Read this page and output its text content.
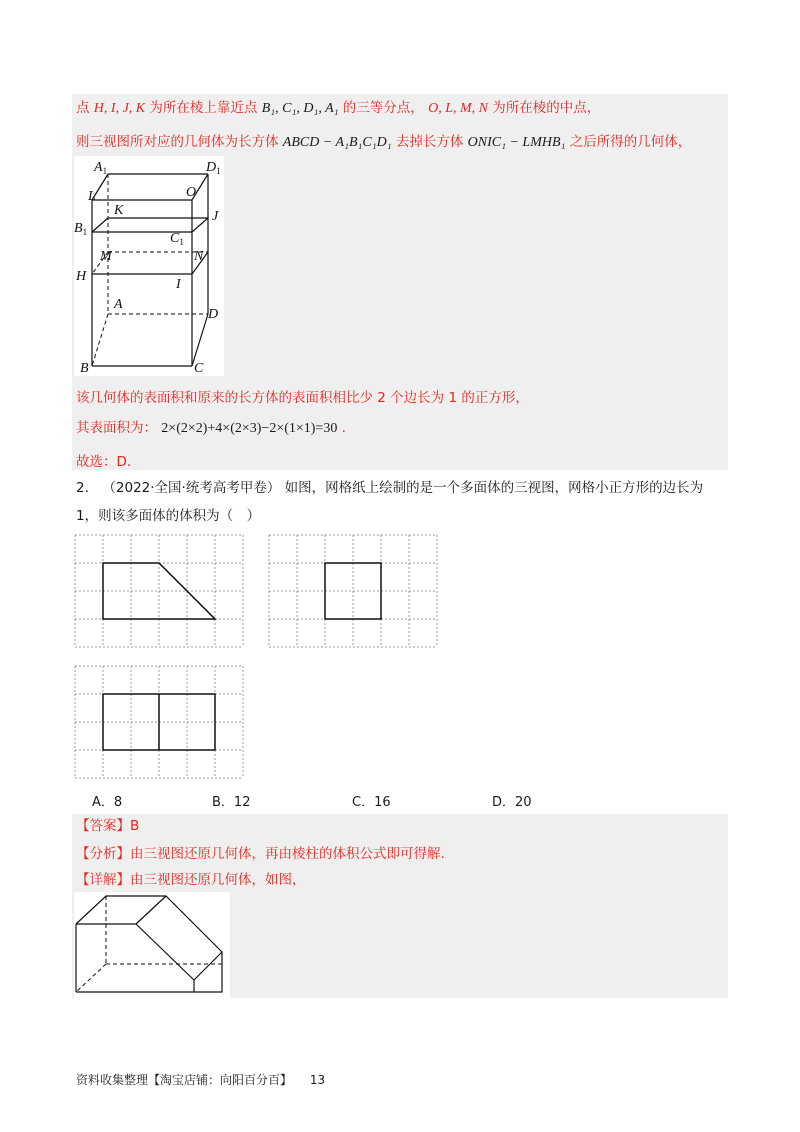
点 H, I, J, K 为所在棱上靠近点 B₁, C₁, D₁, A₁ 的三等分点， O, L, M, N 为所在棱的中点，
则三视图所对应的几何体为长方体 ABCD − A₁B₁C₁D₁ 去掉长方体 ONIC₁ − LMHB₁ 之后所得的几何体，
$A_1$	$D_1$
L	O
K	J
$B_1$	$C_1$
M	N
H
I
A
D
B	C
该几何体的表面积和原来的长方体的表面积相比少 2 个边长为 1 的正方形，
其表面积为： 2×(2×2)+4×(2×3)−2×(1×1)=30 .
故选：D.
2． （2022·全国·统考高考甲卷） 如图，网格纸上绘制的是一个多面体的三视图，网格小正方形的边长为
1，则该多面体的体积为（　）
A．8	B．12	C．16	D．20
【答案】B
【分析】由三视图还原几何体，再由棱柱的体积公式即可得解.
【详解】由三视图还原几何体，如图，
资料收集整理【淘宝店铺：向阳百分百】 13
